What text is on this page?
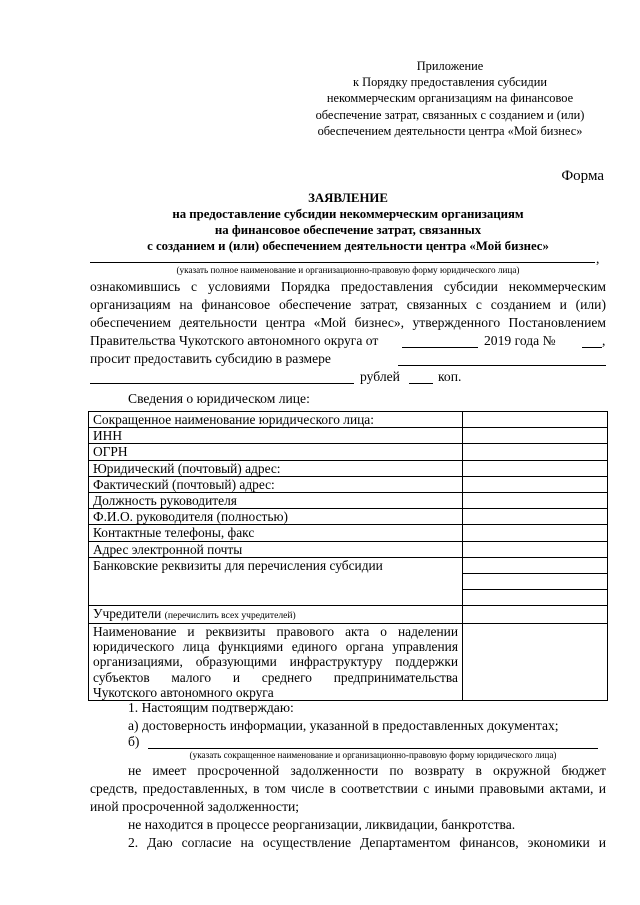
Приложение
к Порядку предоставления субсидии
некоммерческим организациям на финансовое
обеспечение затрат, связанных с созданием и (или)
обеспечением деятельности центра «Мой бизнес»
Форма
ЗАЯВЛЕНИЕ
на предоставление субсидии некоммерческим организациям
на финансовое обеспечение затрат, связанных
с созданием и (или) обеспечением деятельности центра «Мой бизнес»
,
(указать полное наименование и организационно-правовую форму юридического лица)
ознакомившись с условиями Порядка предоставления субсидии некоммерческим
организациям на финансовое обеспечение затрат, связанных с созданием и (или)
обеспечением деятельности центра «Мой бизнес», утвержденного Постановлением
Правительства Чукотского автономного округа от	2019 года №	,
просит предоставить субсидию в размере
рублей	коп.
Сведения о юридическом лице:
Сокращенное наименование юридического лица:	
ИНН	
ОГРН	
Юридический (почтовый) адрес:	
Фактический (почтовый) адрес:	
Должность руководителя	
Ф.И.О. руководителя (полностью)	
Контактные телефоны, факс	
Адрес электронной почты	
Банковские реквизиты для перечисления субсидии	

Учредители (перечислить всех учредителей)	

Наименование и реквизиты правового акта о наделении
юридического лица функциями единого органа управления
организациями, образующими инфраструктуру поддержки
субъектов малого и среднего предпринимательства
Чукотского автономного округа	

1. Настоящим подтверждаю:
а) достоверность информации, указанной в предоставленных документах;
б)
(указать сокращенное наименование и организационно-правовую форму юридического лица)
не имеет просроченной задолженности по возврату в окружной бюджет
средств, предоставленных, в том числе в соответствии с иными правовыми актами, и
иной просроченной задолженности;
не находится в процессе реорганизации, ликвидации, банкротства.
2. Даю согласие на осуществление Департаментом финансов, экономики и
